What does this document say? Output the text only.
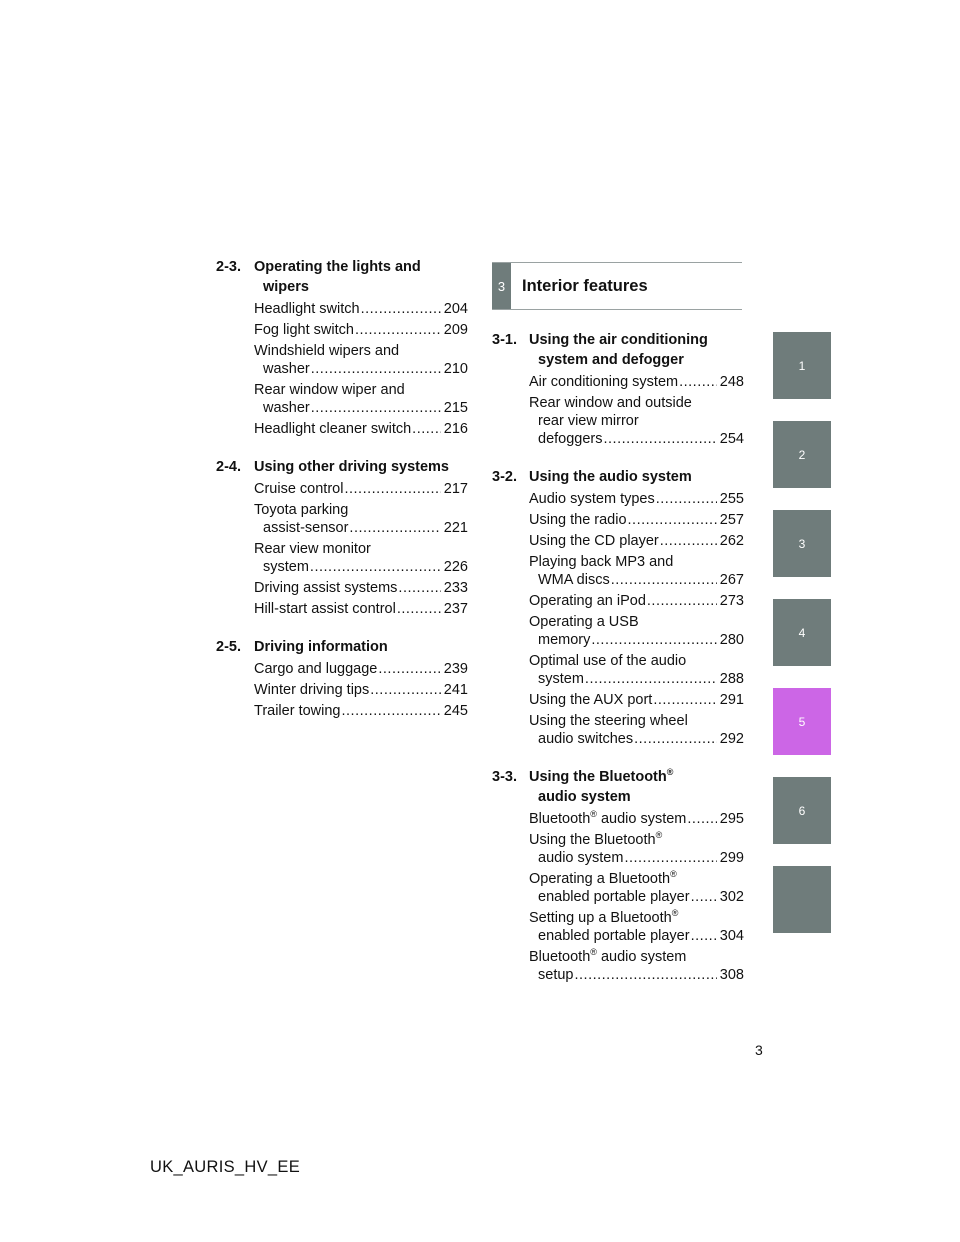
2-3. Operating the lights and
wipers
Headlight switch .....	204
Fog light switch .....	209
Windshield wipers and
washer .....	210
Rear window wiper and
washer .....	215
Headlight cleaner switch ..... 216
2-4. Using other driving systems
Cruise control .....	217
Toyota parking
assist-sensor .....	221
Rear view monitor
system .....	226
Driving assist systems .....	233
Hill-start assist control .....	237
2-5. Driving information
Cargo and luggage .....	239
Winter driving tips .....	241
Trailer towing .....	245
3	Interior features
3-1. Using the air conditioning
system and defogger
Air conditioning system .....	248
Rear window and outside
rear view mirror
defoggers .....	254
3-2. Using the audio system
Audio system types .....	255
Using the radio .....	257
Using the CD player .....	262
Playing back MP3 and
WMA discs .....	267
Operating an iPod .....	273
Operating a USB
memory .....	280
Optimal use of the audio
system .....	288
Using the AUX port .....	291
Using the steering wheel
audio switches .....	292
3-3. Using the Bluetooth®
audio system
Bluetooth® audio system ..... 295
Using the Bluetooth®
audio system .....	299
Operating a Bluetooth®
enabled portable player ..... 302
Setting up a Bluetooth®
enabled portable player ..... 304
Bluetooth® audio system
setup .....	308
1
2
3
4
5
6
3
UK_AURIS_HV_EE
